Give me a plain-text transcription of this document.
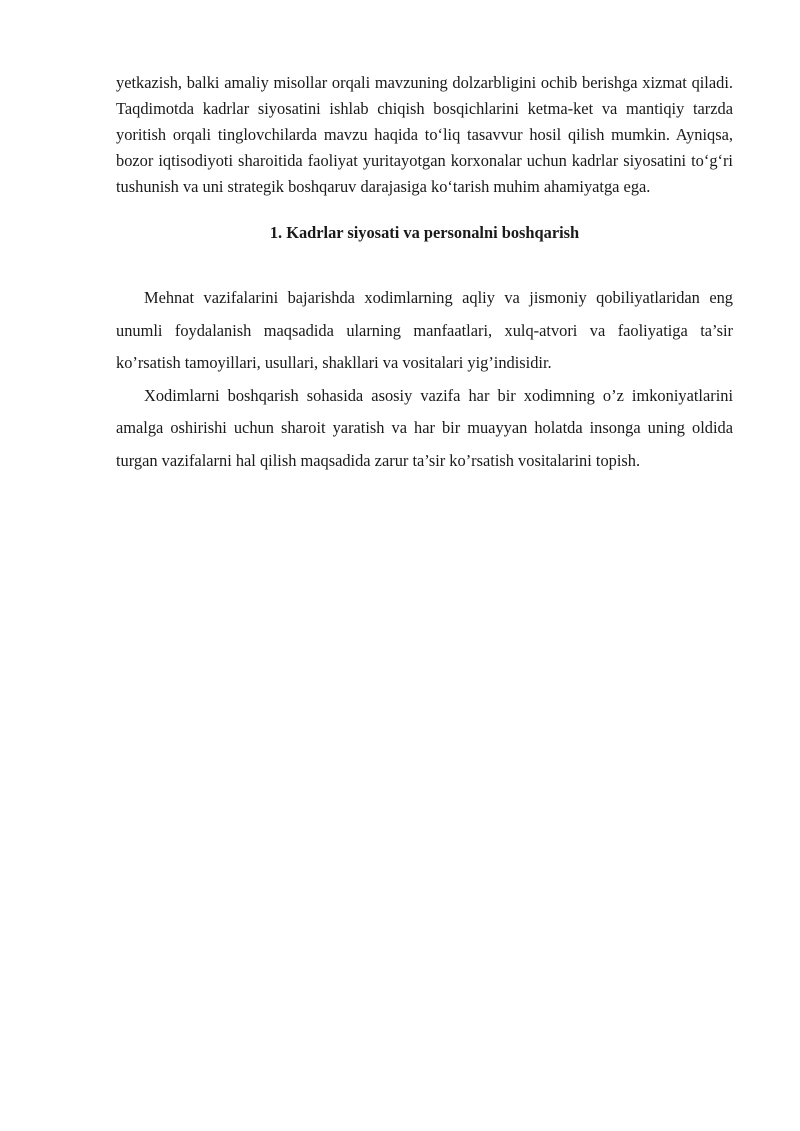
yetkazish, balki amaliy misollar orqali mavzuning dolzarbligini ochib berishga xizmat qiladi. Taqdimotda kadrlar siyosatini ishlab chiqish bosqichlarini ketma-ket va mantiqiy tarzda yoritish orqali tinglovchilarda mavzu haqida to‘liq tasavvur hosil qilish mumkin. Ayniqsa, bozor iqtisodiyoti sharoitida faoliyat yuritayotgan korxonalar uchun kadrlar siyosatini to‘g‘ri tushunish va uni strategik boshqaruv darajasiga ko‘tarish muhim ahamiyatga ega.

1. Kadrlar siyosati va personalni boshqarish

Mehnat vazifalarini bajarishda xodimlarning aqliy va jismoniy qobiliyatlaridan eng unumli foydalanish maqsadida ularning manfaatlari, xulq-atvori va faoliyatiga ta’sir ko’rsatish tamoyillari, usullari, shakllari va vositalari yig’indisidir.

Xodimlarni boshqarish sohasida asosiy vazifa har bir xodimning o’z imkoniyatlarini amalga oshirishi uchun sharoit yaratish va har bir muayyan holatda insonga uning oldida turgan vazifalarni hal qilish maqsadida zarur ta’sir ko’rsatish vositalarini topish.
